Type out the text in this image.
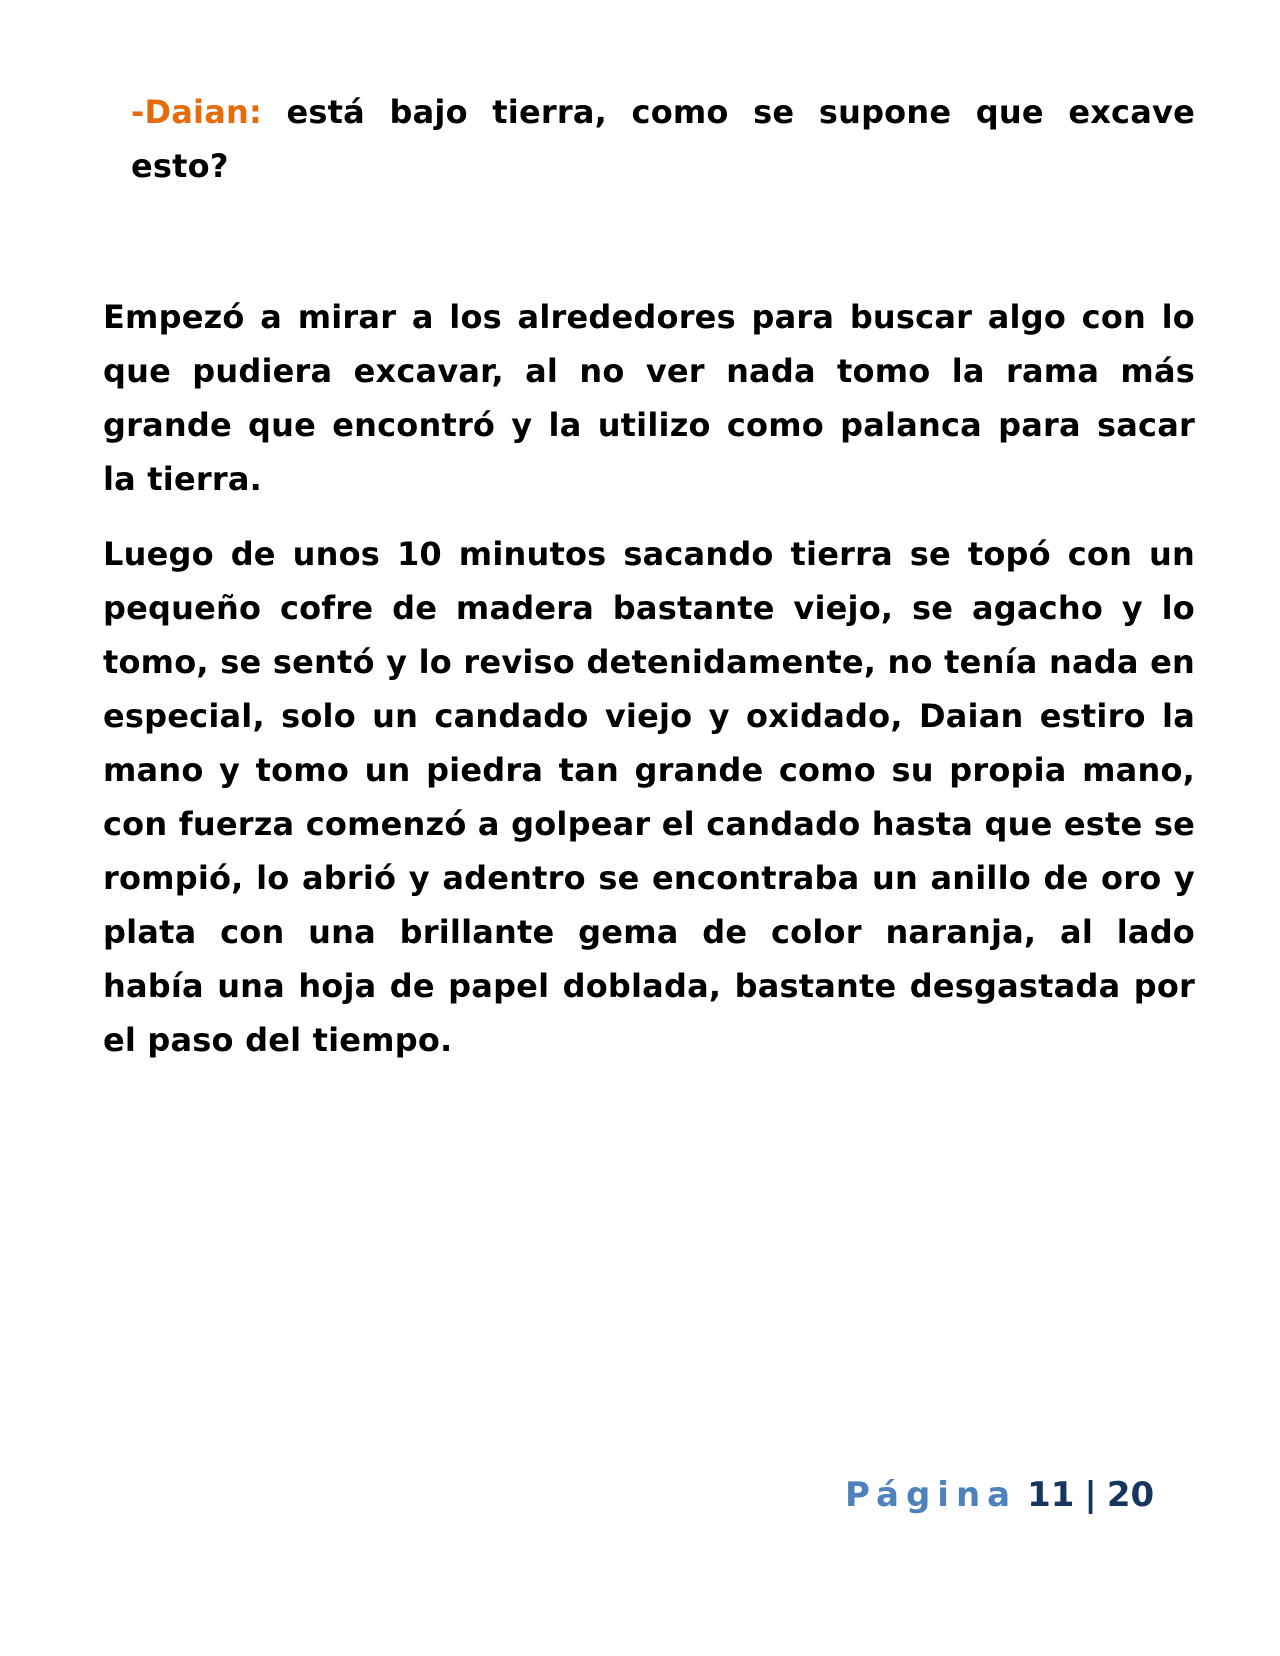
-Daian: está bajo tierra, como se supone que excave esto?

Empezó a mirar a los alrededores para buscar algo con lo que pudiera excavar, al no ver nada tomo la rama más grande que encontró y la utilizo como palanca para sacar la tierra.

Luego de unos 10 minutos sacando tierra se topó con un pequeño cofre de madera bastante viejo, se agacho y lo tomo, se sentó y lo reviso detenidamente, no tenía nada en especial, solo un candado viejo y oxidado, Daian estiro la mano y tomo un piedra tan grande como su propia mano, con fuerza comenzó a golpear el candado hasta que este se rompió, lo abrió y adentro se encontraba un anillo de oro y plata con una brillante gema de color naranja, al lado había una hoja de papel doblada, bastante desgastada por el paso del tiempo.

Página 11 | 20
